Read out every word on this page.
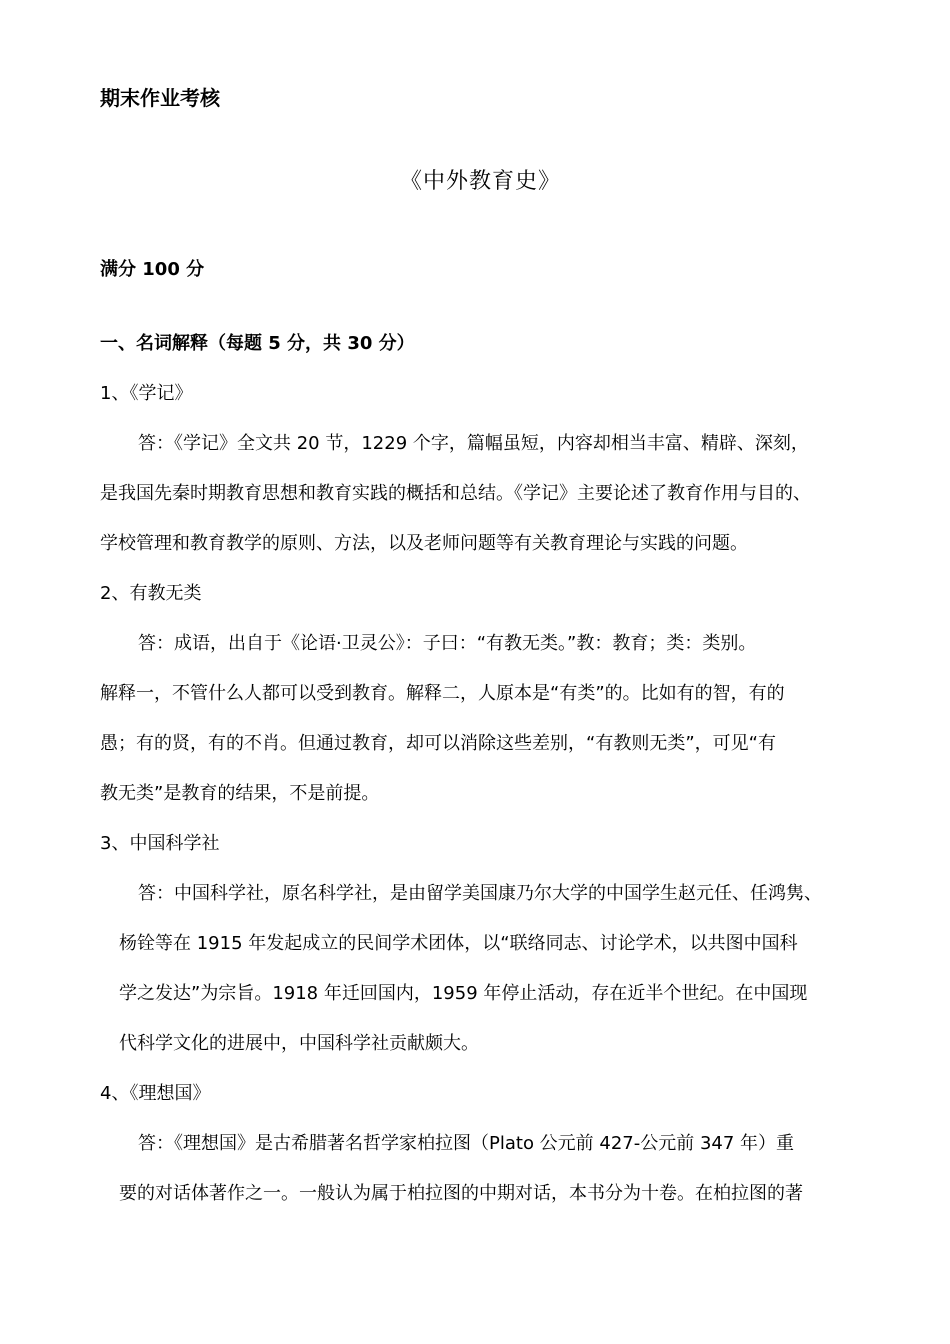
期末作业考核
《中外教育史》
满分 100 分
一、名词解释（每题 5 分，共 30 分）
1、《学记》
答：《学记》全文共 20 节，1229 个字，篇幅虽短，内容却相当丰富、精辟、深刻，
是我国先秦时期教育思想和教育实践的概括和总结。《学记》主要论述了教育作用与目的、
学校管理和教育教学的原则、方法，以及老师问题等有关教育理论与实践的问题。
2、有教无类
答：成语，出自于《论语·卫灵公》：子曰：“有教无类。”教：教育；类：类别。
解释一，不管什么人都可以受到教育。解释二，人原本是“有类”的。比如有的智，有的
愚；有的贤，有的不肖。但通过教育，却可以消除这些差别，“有教则无类”，可见“有
教无类”是教育的结果，不是前提。
3、中国科学社
答：中国科学社，原名科学社，是由留学美国康乃尔大学的中国学生赵元任、任鸿隽、
杨铨等在 1915 年发起成立的民间学术团体，以“联络同志、讨论学术，以共图中国科
学之发达”为宗旨。1918 年迁回国内，1959 年停止活动，存在近半个世纪。在中国现
代科学文化的进展中，中国科学社贡献颇大。
4、《理想国》
答：《理想国》是古希腊著名哲学家柏拉图（Plato 公元前 427-公元前 347 年）重
要的对话体著作之一。一般认为属于柏拉图的中期对话，本书分为十卷。在柏拉图的著
